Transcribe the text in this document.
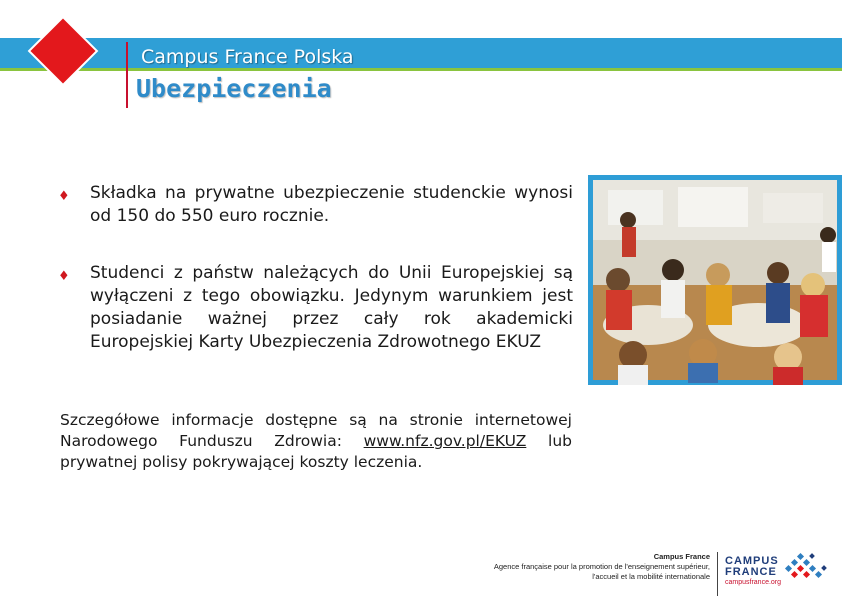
Campus France Polska
Ubezpieczenia
♦ Składka na prywatne ubezpieczenie studenckie wynosi od 150 do 550 euro rocznie.
♦ Studenci z państw należących do Unii Europejskiej są wyłączeni z tego obowiązku. Jedynym warunkiem jest posiadanie ważnej przez cały rok akademicki Europejskiej Karty Ubezpieczenia Zdrowotnego EKUZ
Szczegółowe informacje dostępne są na stronie internetowej Narodowego Funduszu Zdrowia: www.nfz.gov.pl/EKUZ lub prywatnej polisy pokrywającej koszty leczenia.
Campus France
Agence française pour la promotion de l'enseignement supérieur,
l'accueil et la mobilité internationale
CAMPUS
FRANCE
campusfrance.org
